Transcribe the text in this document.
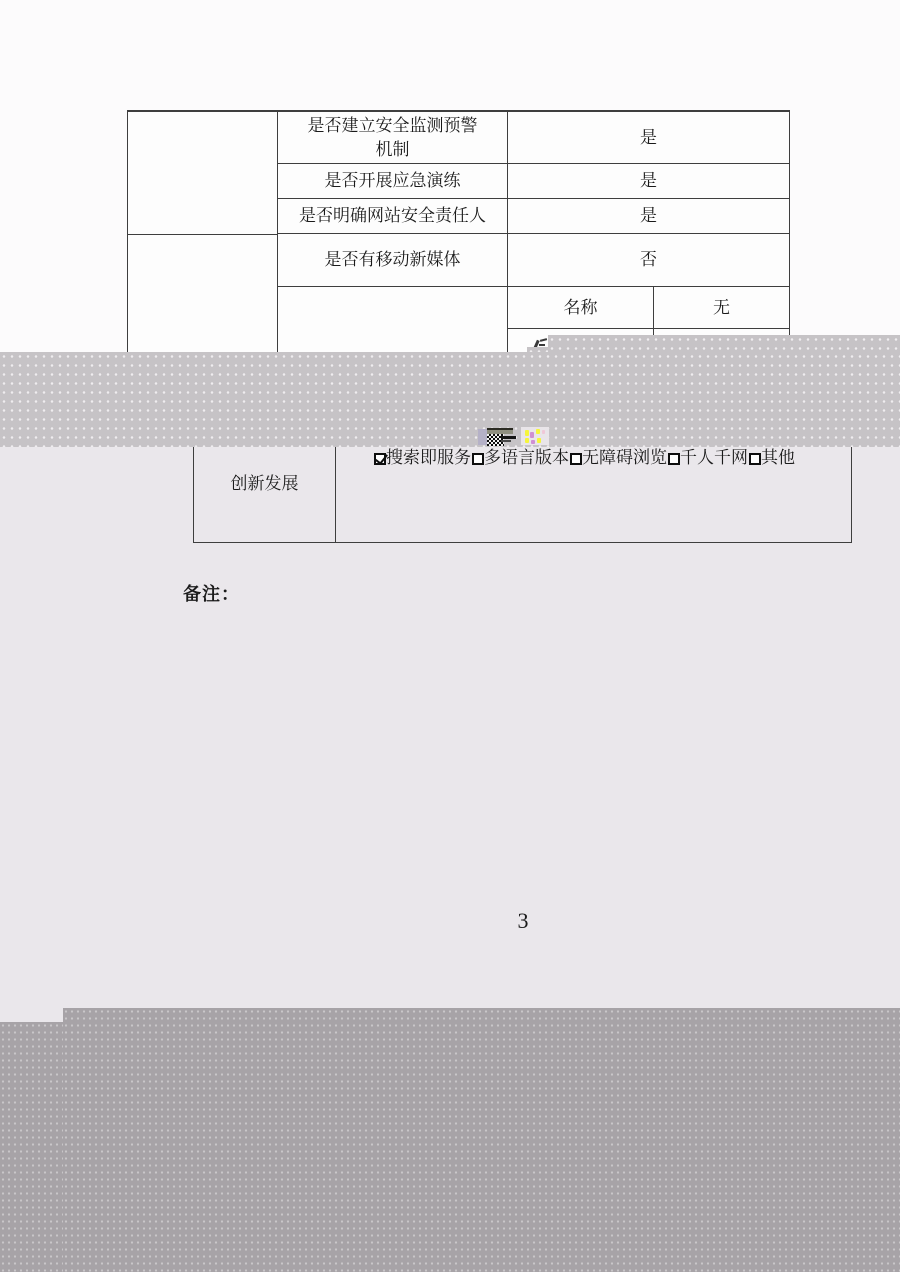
是否建立安全监测预警机制
是否开展应急演练
是否明确网站安全责任人
是否有移动新媒体
是
是
是
否
名称	无
创新发展
搜索即服务 多语言版本 无障碍浏览 千人千网 其他
备注：
3
